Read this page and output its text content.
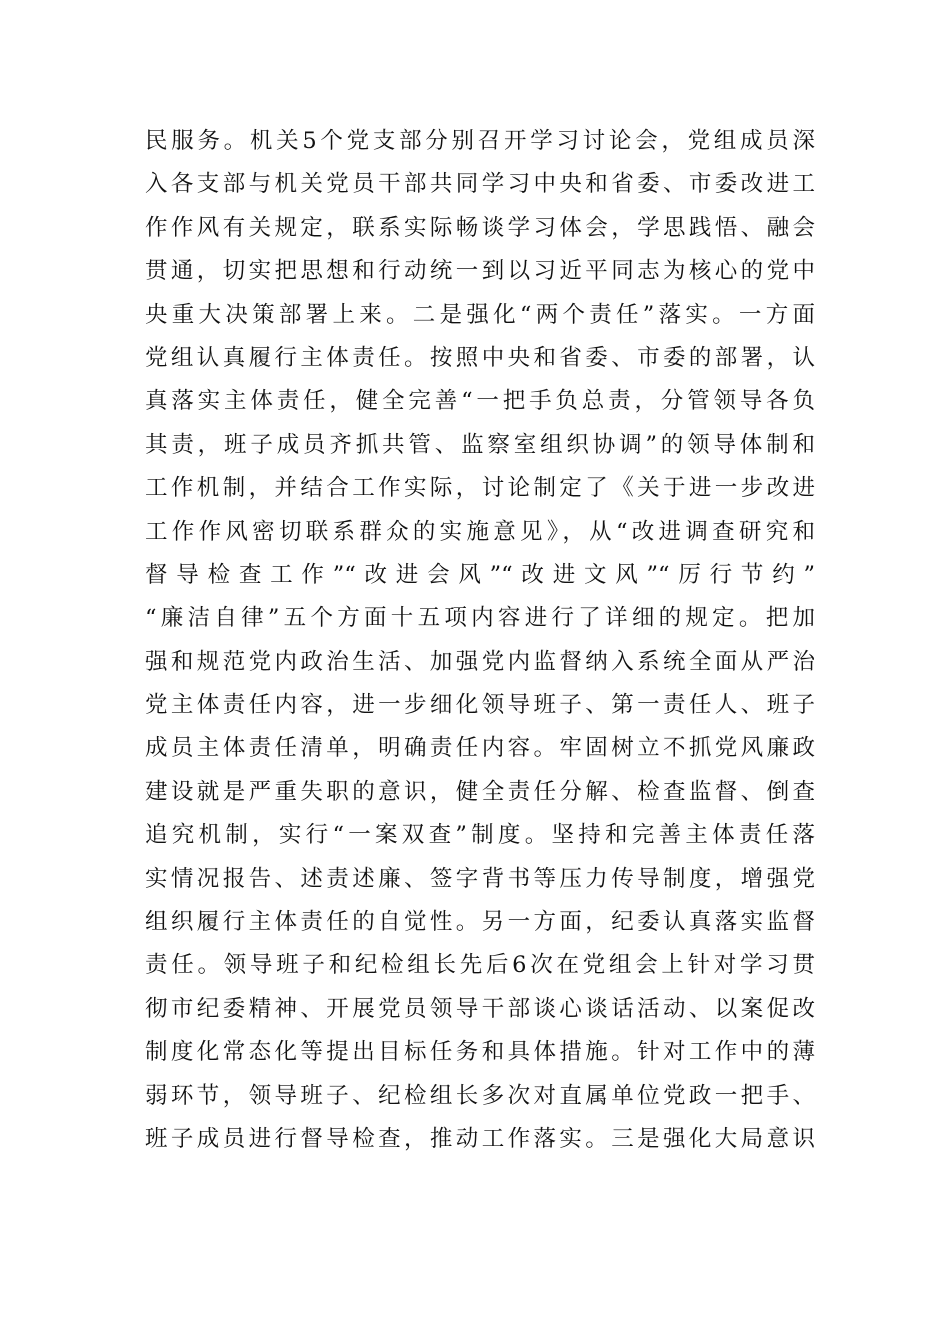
民服务。机关5个党支部分别召开学习讨论会，党组成员深
入各支部与机关党员干部共同学习中央和省委、市委改进工
作作风有关规定，联系实际畅谈学习体会，学思践悟、融会
贯通，切实把思想和行动统一到以习近平同志为核心的党中
央重大决策部署上来。二是强化“两个责任”落实。一方面
党组认真履行主体责任。按照中央和省委、市委的部署，认
真落实主体责任，健全完善“一把手负总责，分管领导各负
其责，班子成员齐抓共管、监察室组织协调”的领导体制和
工作机制，并结合工作实际，讨论制定了《关于进一步改进
工作作风密切联系群众的实施意见》，从“改进调查研究和
督导检查工作”“改进会风”“改进文风”“厉行节约”
“廉洁自律”五个方面十五项内容进行了详细的规定。把加
强和规范党内政治生活、加强党内监督纳入系统全面从严治
党主体责任内容，进一步细化领导班子、第一责任人、班子
成员主体责任清单，明确责任内容。牢固树立不抓党风廉政
建设就是严重失职的意识，健全责任分解、检查监督、倒查
追究机制，实行“一案双查”制度。坚持和完善主体责任落
实情况报告、述责述廉、签字背书等压力传导制度，增强党
组织履行主体责任的自觉性。另一方面，纪委认真落实监督
责任。领导班子和纪检组长先后6次在党组会上针对学习贯
彻市纪委精神、开展党员领导干部谈心谈话活动、以案促改
制度化常态化等提出目标任务和具体措施。针对工作中的薄
弱环节，领导班子、纪检组长多次对直属单位党政一把手、
班子成员进行督导检查，推动工作落实。三是强化大局意识
